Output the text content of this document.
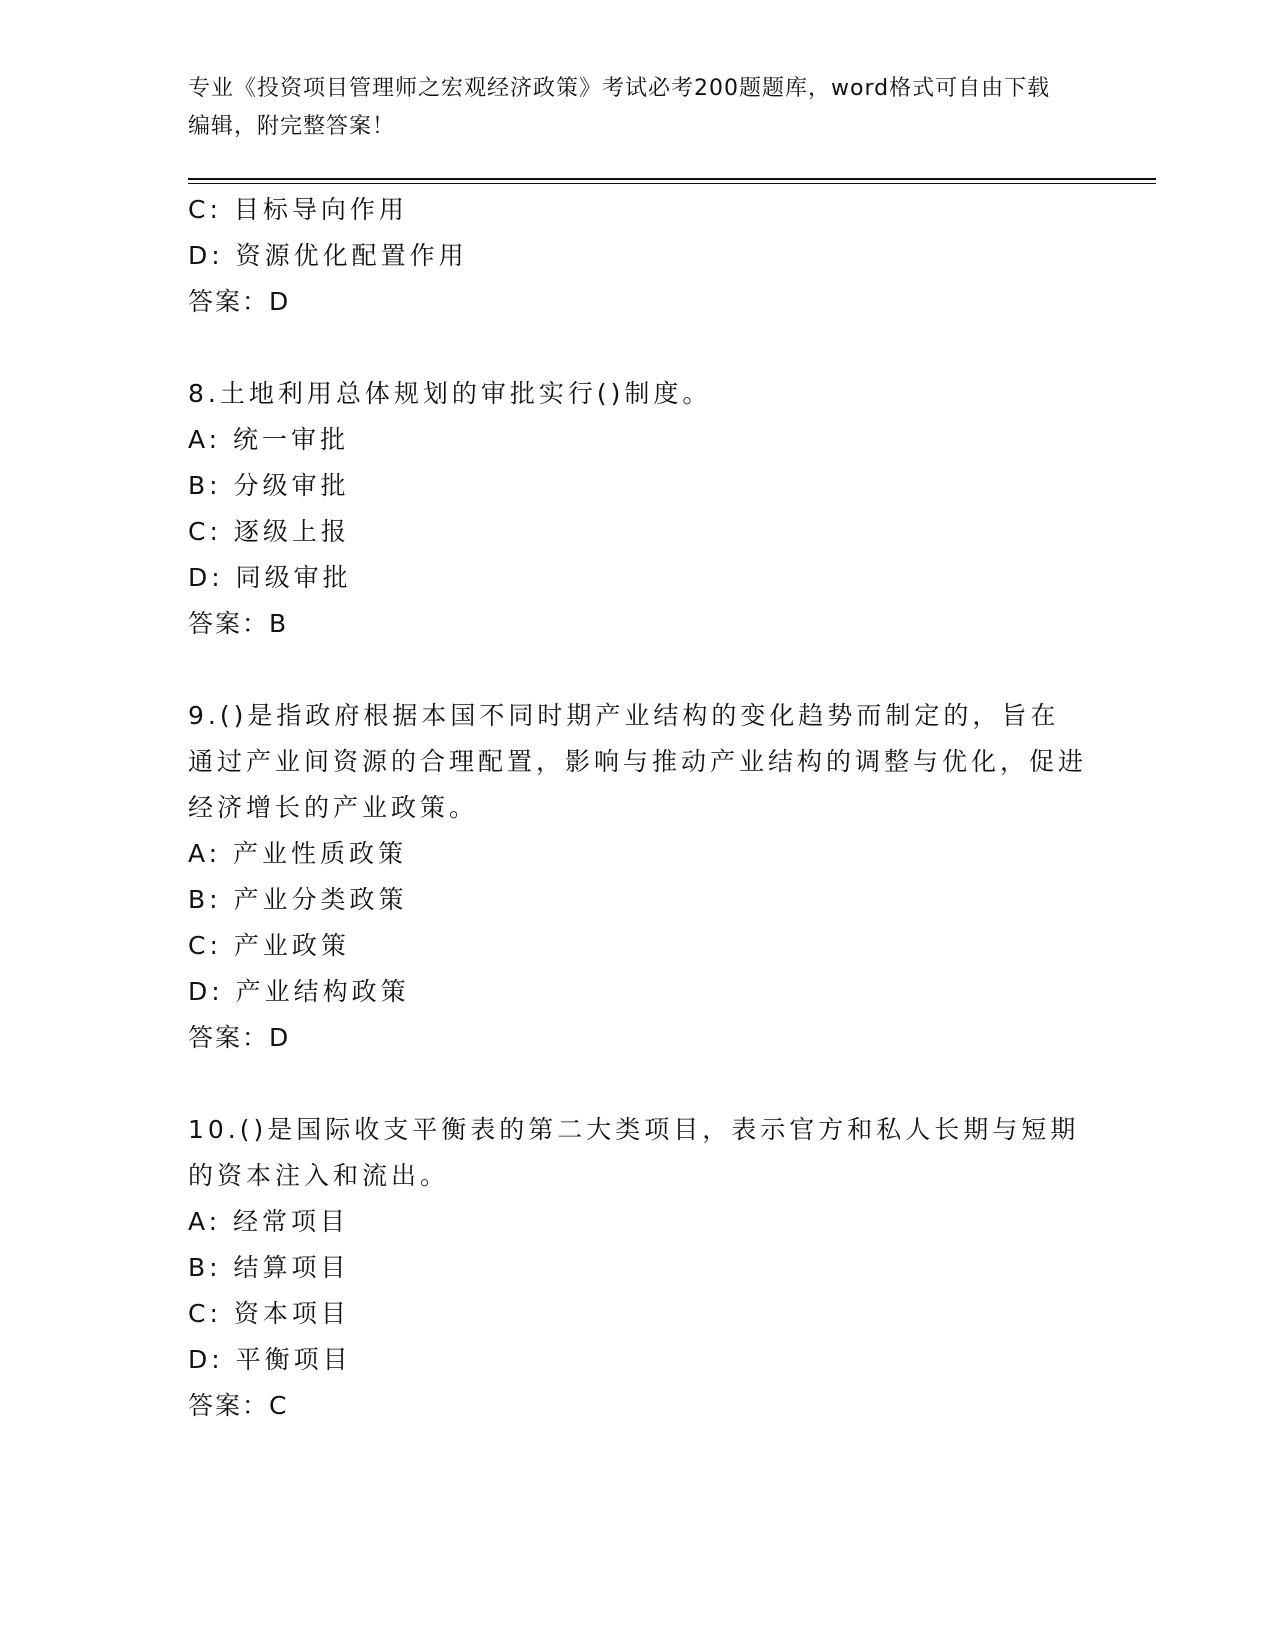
专业《投资项目管理师之宏观经济政策》考试必考200题题库，word格式可自由下载编辑，附完整答案！
C: 目标导向作用
D: 资源优化配置作用
答案：D
8.土地利用总体规划的审批实行()制度。
A: 统一审批
B: 分级审批
C: 逐级上报
D: 同级审批
答案：B
9.()是指政府根据本国不同时期产业结构的变化趋势而制定的，旨在通过产业间资源的合理配置，影响与推动产业结构的调整与优化，促进经济增长的产业政策。
A: 产业性质政策
B: 产业分类政策
C: 产业政策
D: 产业结构政策
答案：D
10.()是国际收支平衡表的第二大类项目，表示官方和私人长期与短期的资本注入和流出。
A: 经常项目
B: 结算项目
C: 资本项目
D: 平衡项目
答案：C
